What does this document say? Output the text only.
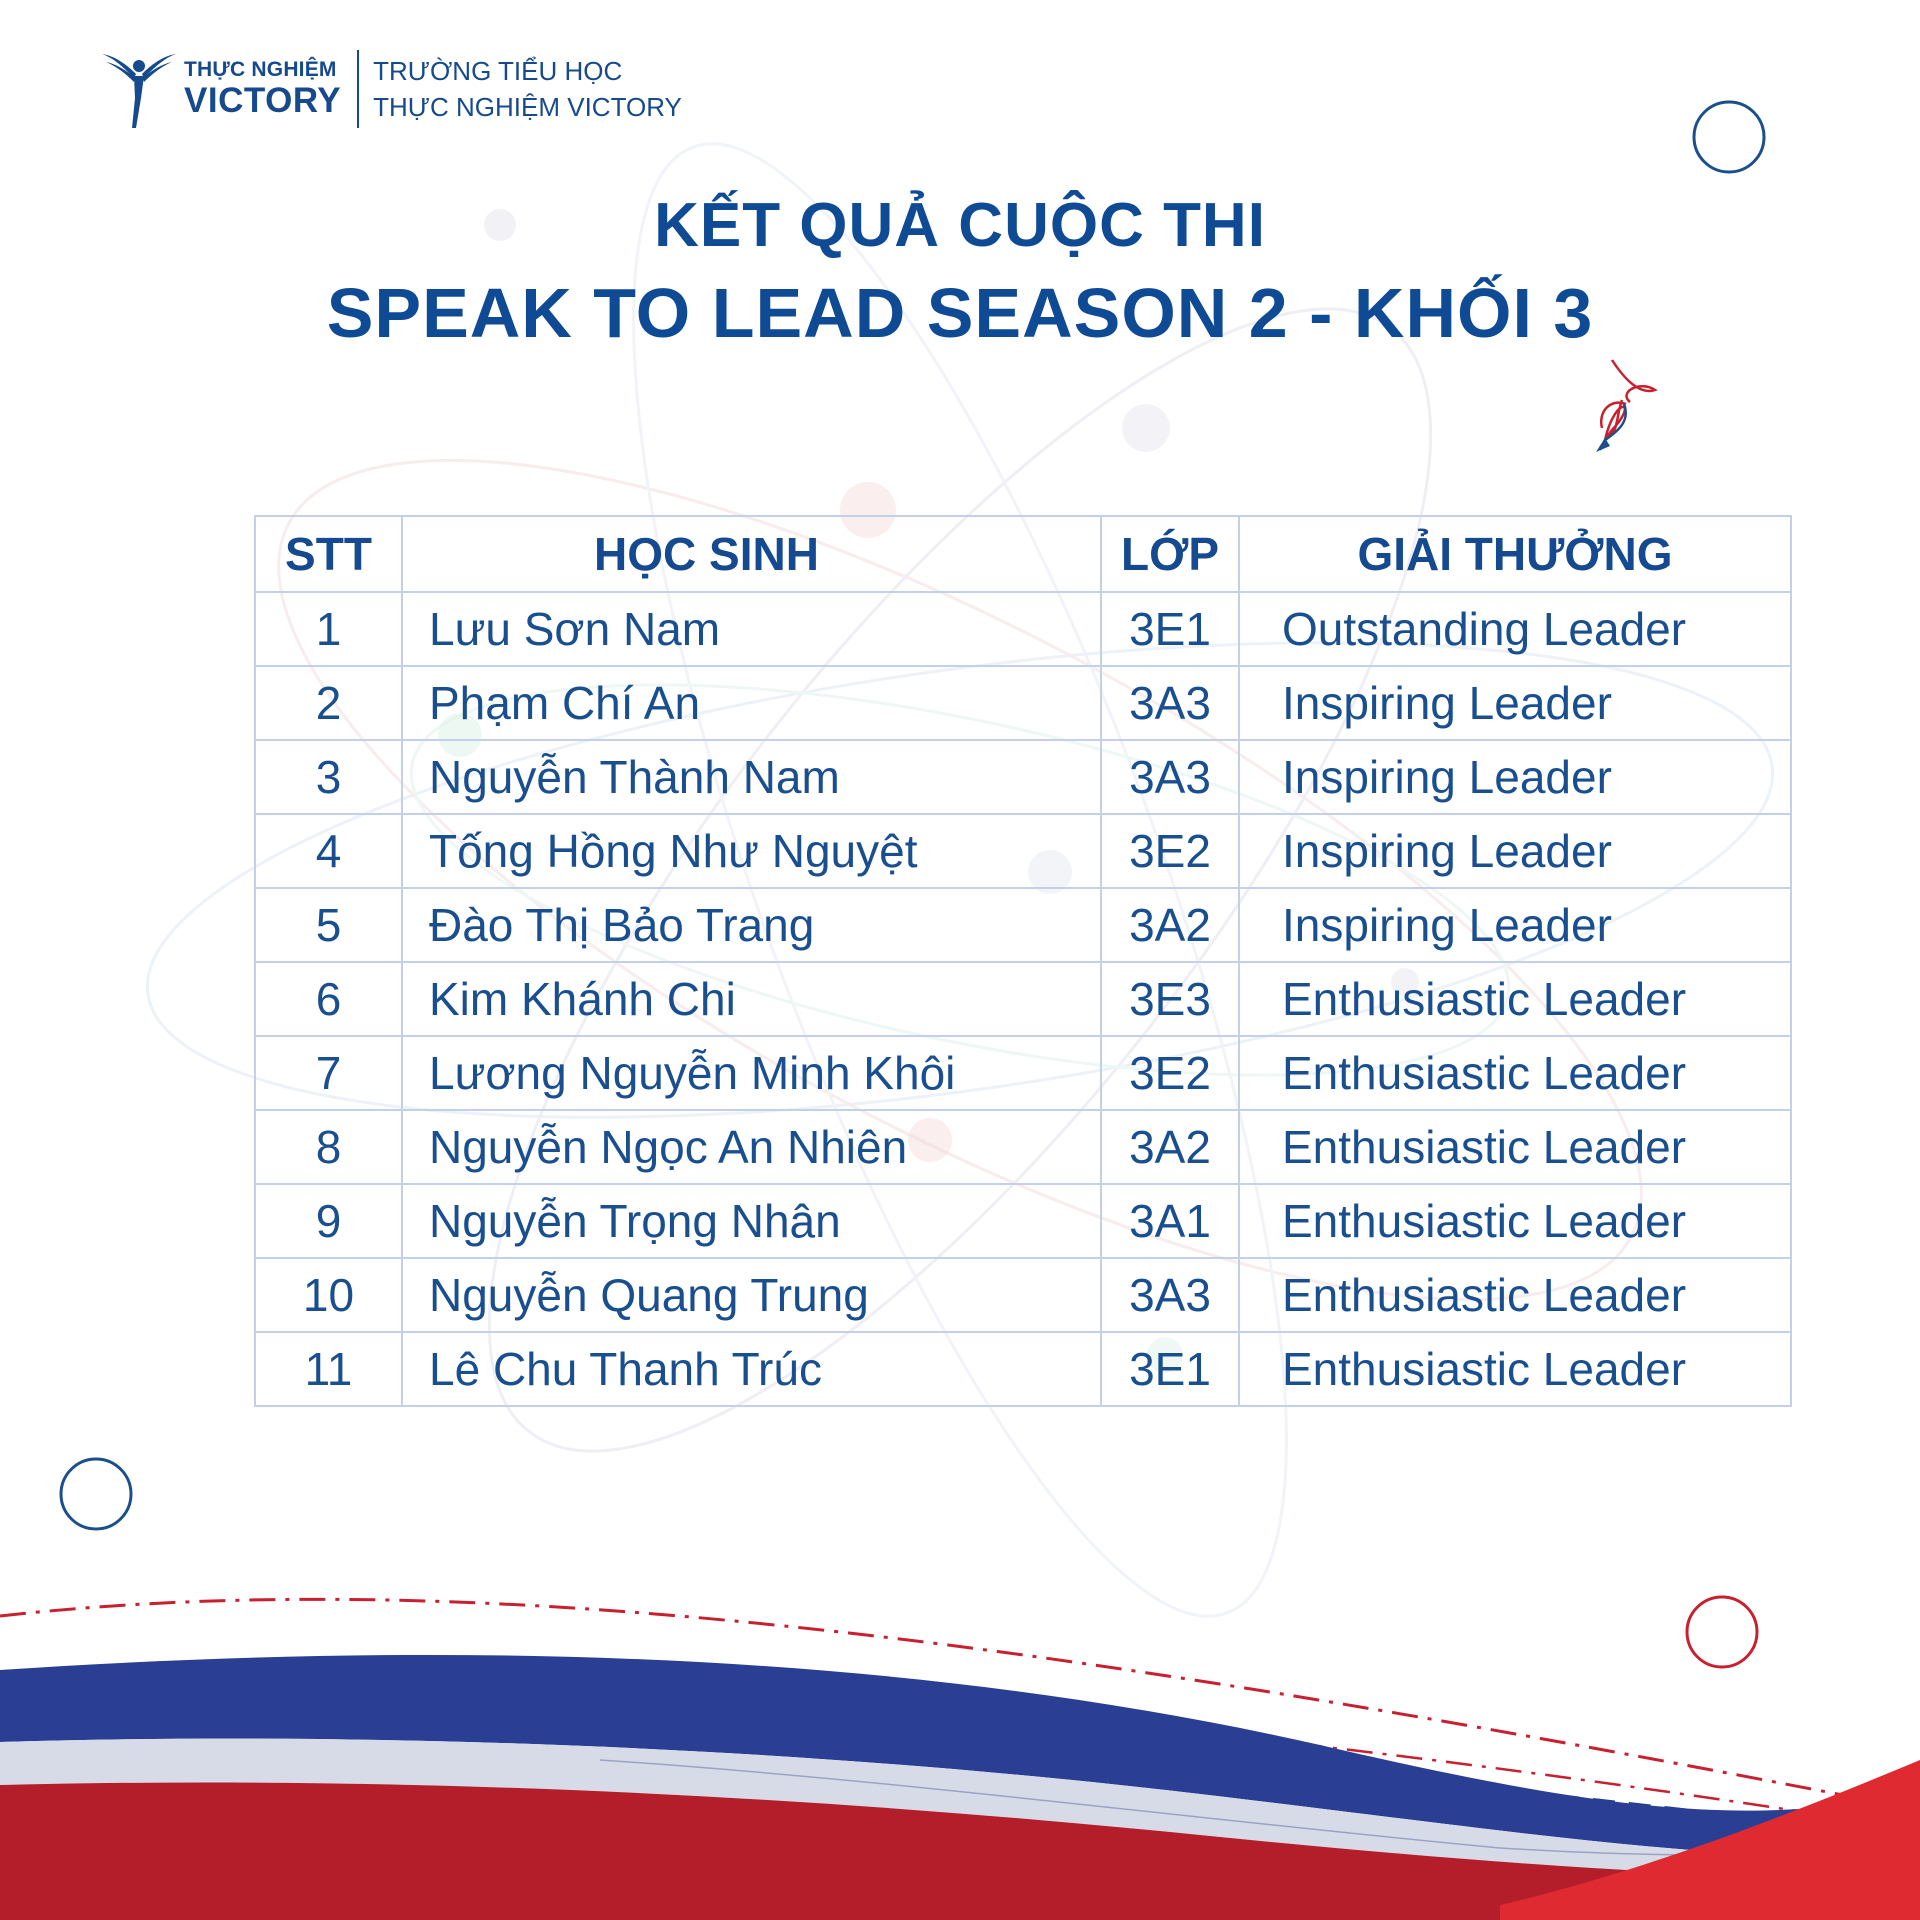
THỰC NGHIỆM
VICTORY
TRƯỜNG TIỂU HỌC
THỰC NGHIỆM VICTORY
KẾT QUẢ CUỘC THI
SPEAK TO LEAD SEASON 2 - KHỐI 3
STT	HỌC SINH	LỚP	GIẢI THƯỞNG
1	Lưu Sơn Nam	3E1	Outstanding Leader
2	Phạm Chí An	3A3	Inspiring Leader
3	Nguyễn Thành Nam	3A3	Inspiring Leader
4	Tống Hồng Như Nguyệt	3E2	Inspiring Leader
5	Đào Thị Bảo Trang	3A2	Inspiring Leader
6	Kim Khánh Chi	3E3	Enthusiastic Leader
7	Lương Nguyễn Minh Khôi	3E2	Enthusiastic Leader
8	Nguyễn Ngọc An Nhiên	3A2	Enthusiastic Leader
9	Nguyễn Trọng Nhân	3A1	Enthusiastic Leader
10	Nguyễn Quang Trung	3A3	Enthusiastic Leader
11	Lê Chu Thanh Trúc	3E1	Enthusiastic Leader
